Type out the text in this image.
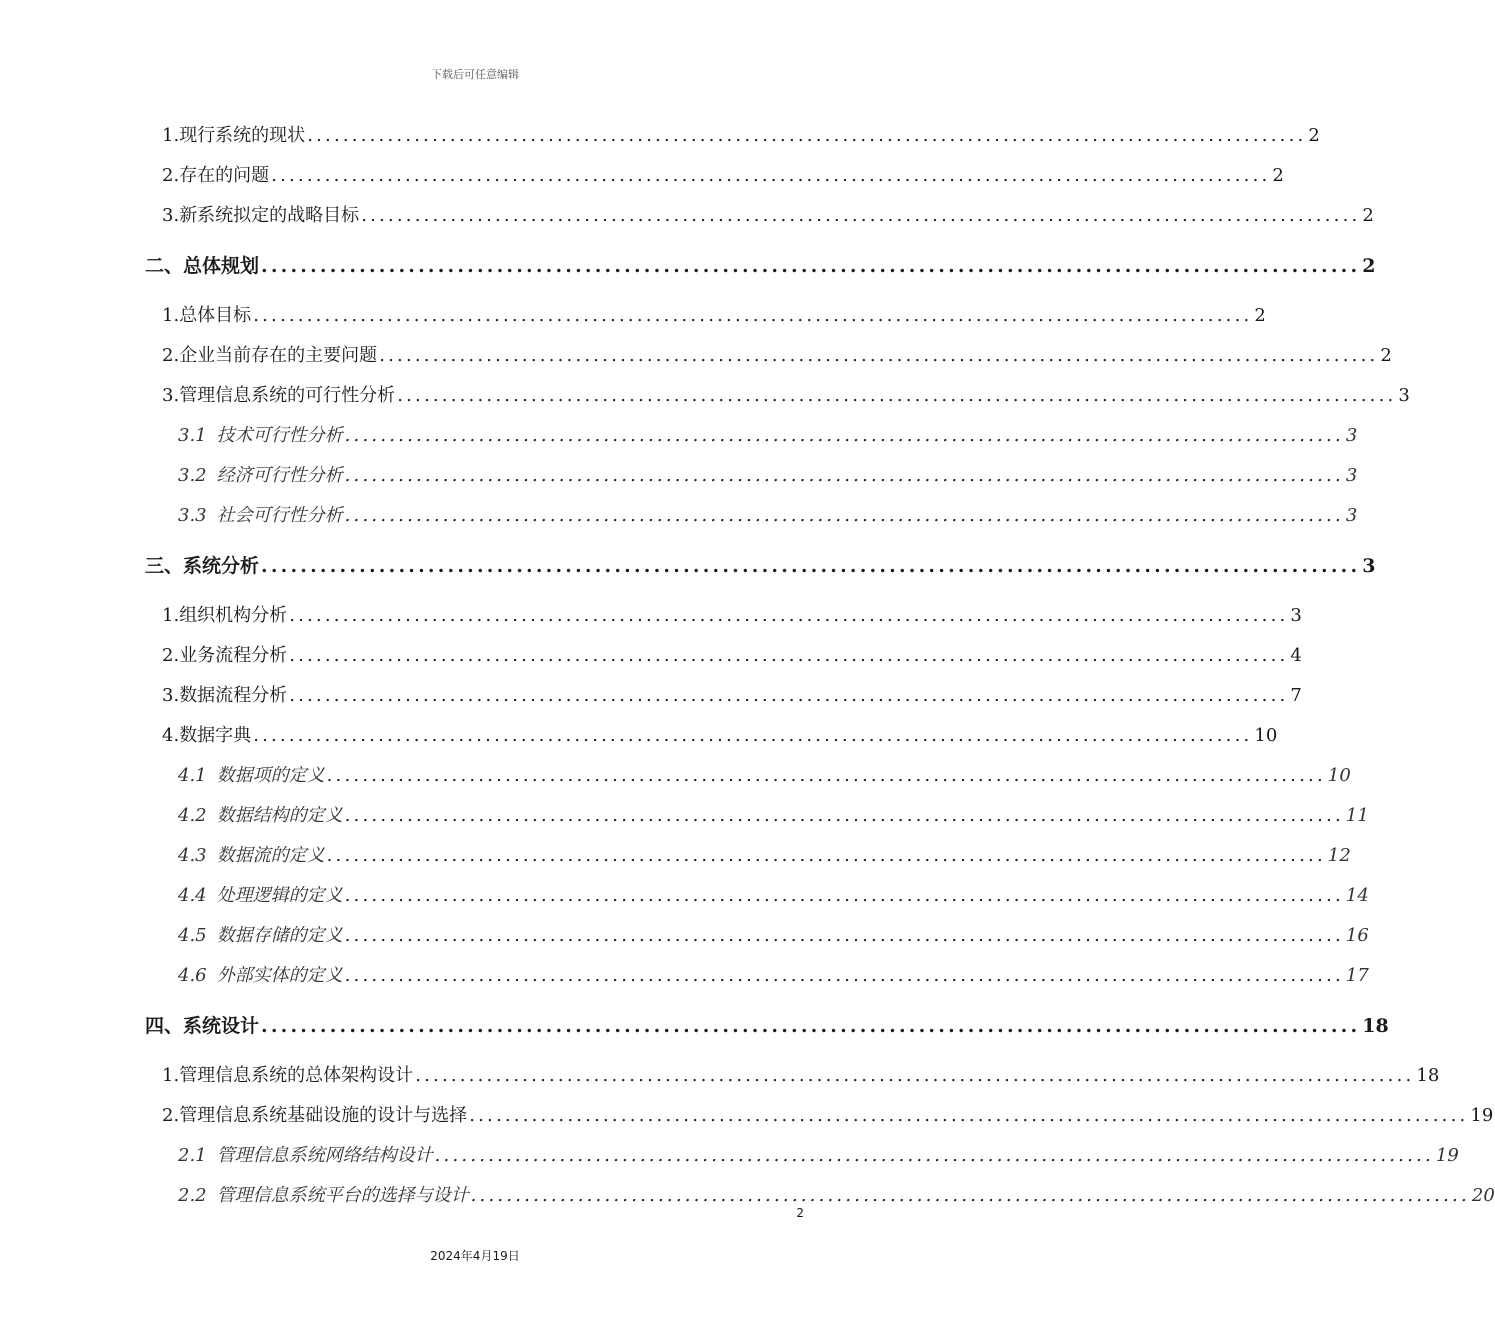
下载后可任意编辑
1. 现行系统的现状 ................................................................................................................ 2
2. 存在的问题 ................................................................................................................ 2
3. 新系统拟定的战略目标 ................................................................................................................ 2
二、 总体规划 ................................................................................................................ 2
1. 总体目标 ................................................................................................................ 2
2. 企业当前存在的主要问题 ................................................................................................................ 2
3. 管理信息系统的可行性分析 ................................................................................................................ 3
3.1 技术可行性分析 ................................................................................................................ 3
3.2 经济可行性分析 ................................................................................................................ 3
3.3 社会可行性分析 ................................................................................................................ 3
三、 系统分析 ................................................................................................................ 3
1. 组织机构分析 ................................................................................................................ 3
2. 业务流程分析 ................................................................................................................ 4
3. 数据流程分析 ................................................................................................................ 7
4. 数据字典 ................................................................................................................ 10
4.1 数据项的定义 ................................................................................................................ 10
4.2 数据结构的定义 ................................................................................................................ 11
4.3 数据流的定义 ................................................................................................................ 12
4.4 处理逻辑的定义 ................................................................................................................ 14
4.5 数据存储的定义 ................................................................................................................ 16
4.6 外部实体的定义 ................................................................................................................ 17
四、 系统设计 ................................................................................................................ 18
1. 管理信息系统的总体架构设计 ................................................................................................................ 18
2. 管理信息系统基础设施的设计与选择 ................................................................................................................ 19
2.1 管理信息系统网络结构设计 ................................................................................................................ 19
2.2 管理信息系统平台的选择与设计 ................................................................................................................ 20
2
2024年4月19日
